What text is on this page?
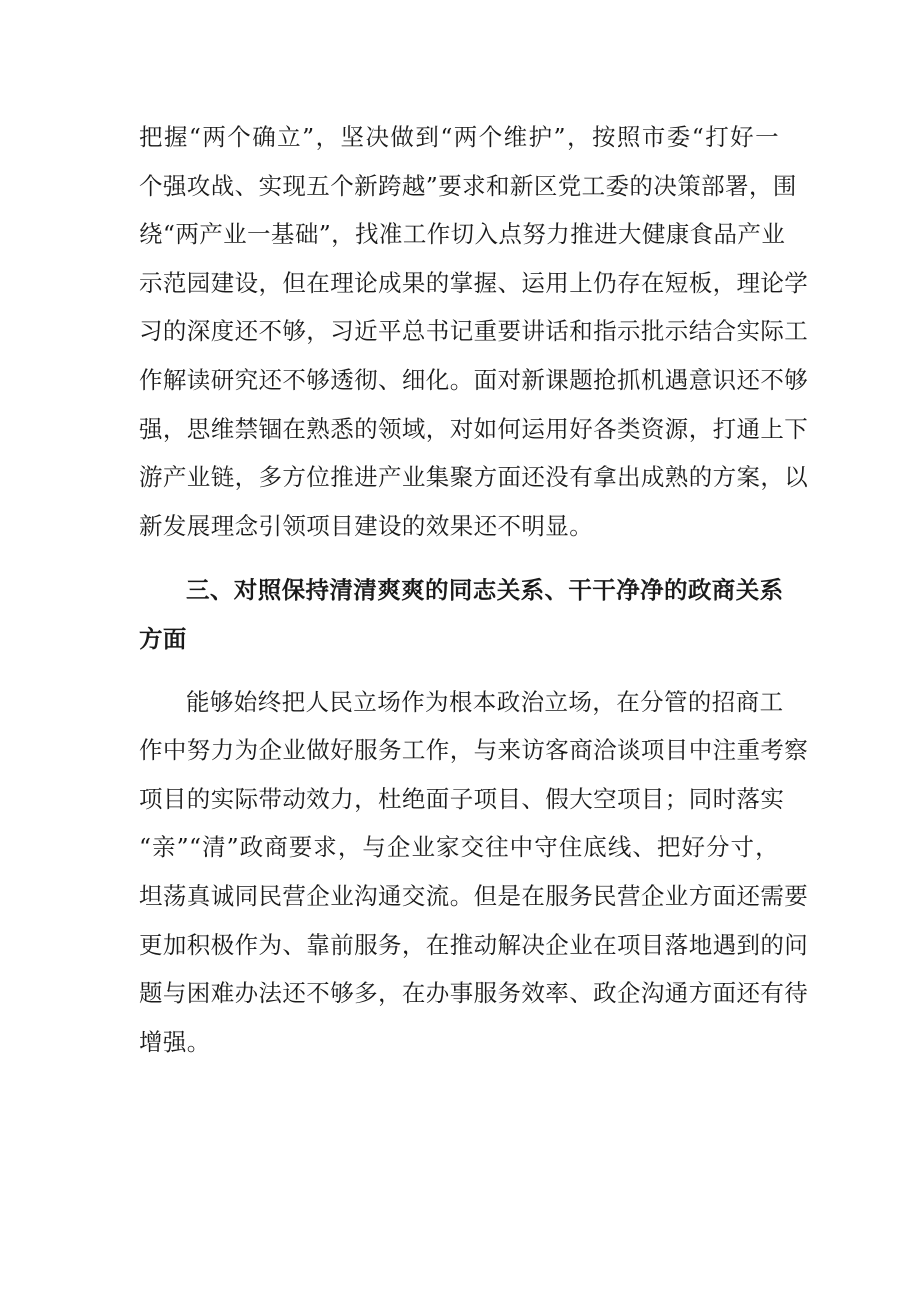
把握“两个确立”，坚决做到“两个维护”，按照市委“打好一
个强攻战、实现五个新跨越”要求和新区党工委的决策部署，围
绕“两产业一基础”，找准工作切入点努力推进大健康食品产业
示范园建设，但在理论成果的掌握、运用上仍存在短板，理论学
习的深度还不够，习近平总书记重要讲话和指示批示结合实际工
作解读研究还不够透彻、细化。面对新课题抢抓机遇意识还不够
强，思维禁锢在熟悉的领域，对如何运用好各类资源，打通上下
游产业链，多方位推进产业集聚方面还没有拿出成熟的方案，以
新发展理念引领项目建设的效果还不明显。
三、对照保持清清爽爽的同志关系、干干净净的政商关系
方面
能够始终把人民立场作为根本政治立场，在分管的招商工
作中努力为企业做好服务工作，与来访客商洽谈项目中注重考察
项目的实际带动效力，杜绝面子项目、假大空项目；同时落实
“亲”“清”政商要求，与企业家交往中守住底线、把好分寸，
坦荡真诚同民营企业沟通交流。但是在服务民营企业方面还需要
更加积极作为、靠前服务，在推动解决企业在项目落地遇到的问
题与困难办法还不够多，在办事服务效率、政企沟通方面还有待
增强。
